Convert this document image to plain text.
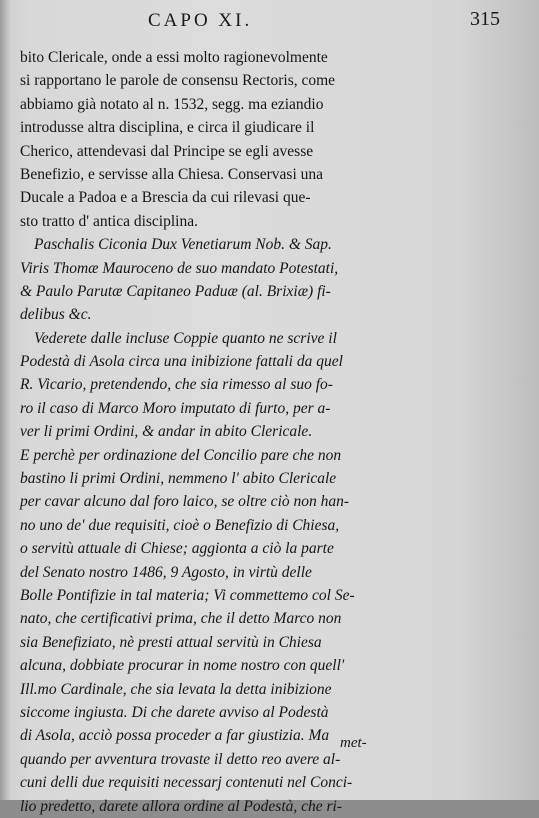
CAPO XI.	315
bito Clericale, onde a essi molto ragionevolmente
si rapportano le parole de consensu Rectoris, come
abbiamo già notato al n. 1532, segg. ma eziandio
introdusse altra disciplina, e circa il giudicare il
Cherico, attendevasi dal Principe se egli avesse
Benefizio, e servisse alla Chiesa. Conservasi una
Ducale a Padoa e a Brescia da cui rilevasi que-
sto tratto d' antica disciplina.
Paschalis Ciconia Dux Venetiarum Nob. & Sap.
Viris Thomæ Mauroceno de suo mandato Potestati,
& Paulo Parutæ Capitaneo Paduæ (al. Brixiæ) fi-
delibus &c.
Vederete dalle incluse Coppie quanto ne scrive il
Podestà di Asola circa una inibizione fattali da quel
R. Vicario, pretendendo, che sia rimesso al suo fo-
ro il caso di Marco Moro imputato di furto, per a-
ver li primi Ordini, & andar in abito Clericale.
E perchè per ordinazione del Concilio pare che non
bastino li primi Ordini, nemmeno l' abito Clericale
per cavar alcuno dal foro laico, se oltre ciò non han-
no uno de' due requisiti, cioè o Benefizio di Chiesa,
o servitù attuale di Chiese; aggionta a ciò la parte
del Senato nostro 1486, 9 Agosto, in virtù delle
Bolle Pontifizie in tal materia; Vi commettemo col Se-
nato, che certificativi prima, che il detto Marco non
sia Benefiziato, nè presti attual servitù in Chiesa
alcuna, dobbiate procurar in nome nostro con quell'
Ill.mo Cardinale, che sia levata la detta inibizione
siccome ingiusta. Di che darete avviso al Podestà
di Asola, acciò possa proceder a far giustizia. Ma
quando per avventura trovaste il detto reo avere al-
cuni delli due requisiti necessarj contenuti nel Conci-
lio predetto, darete allora ordine al Podestà, che ri-
met-
